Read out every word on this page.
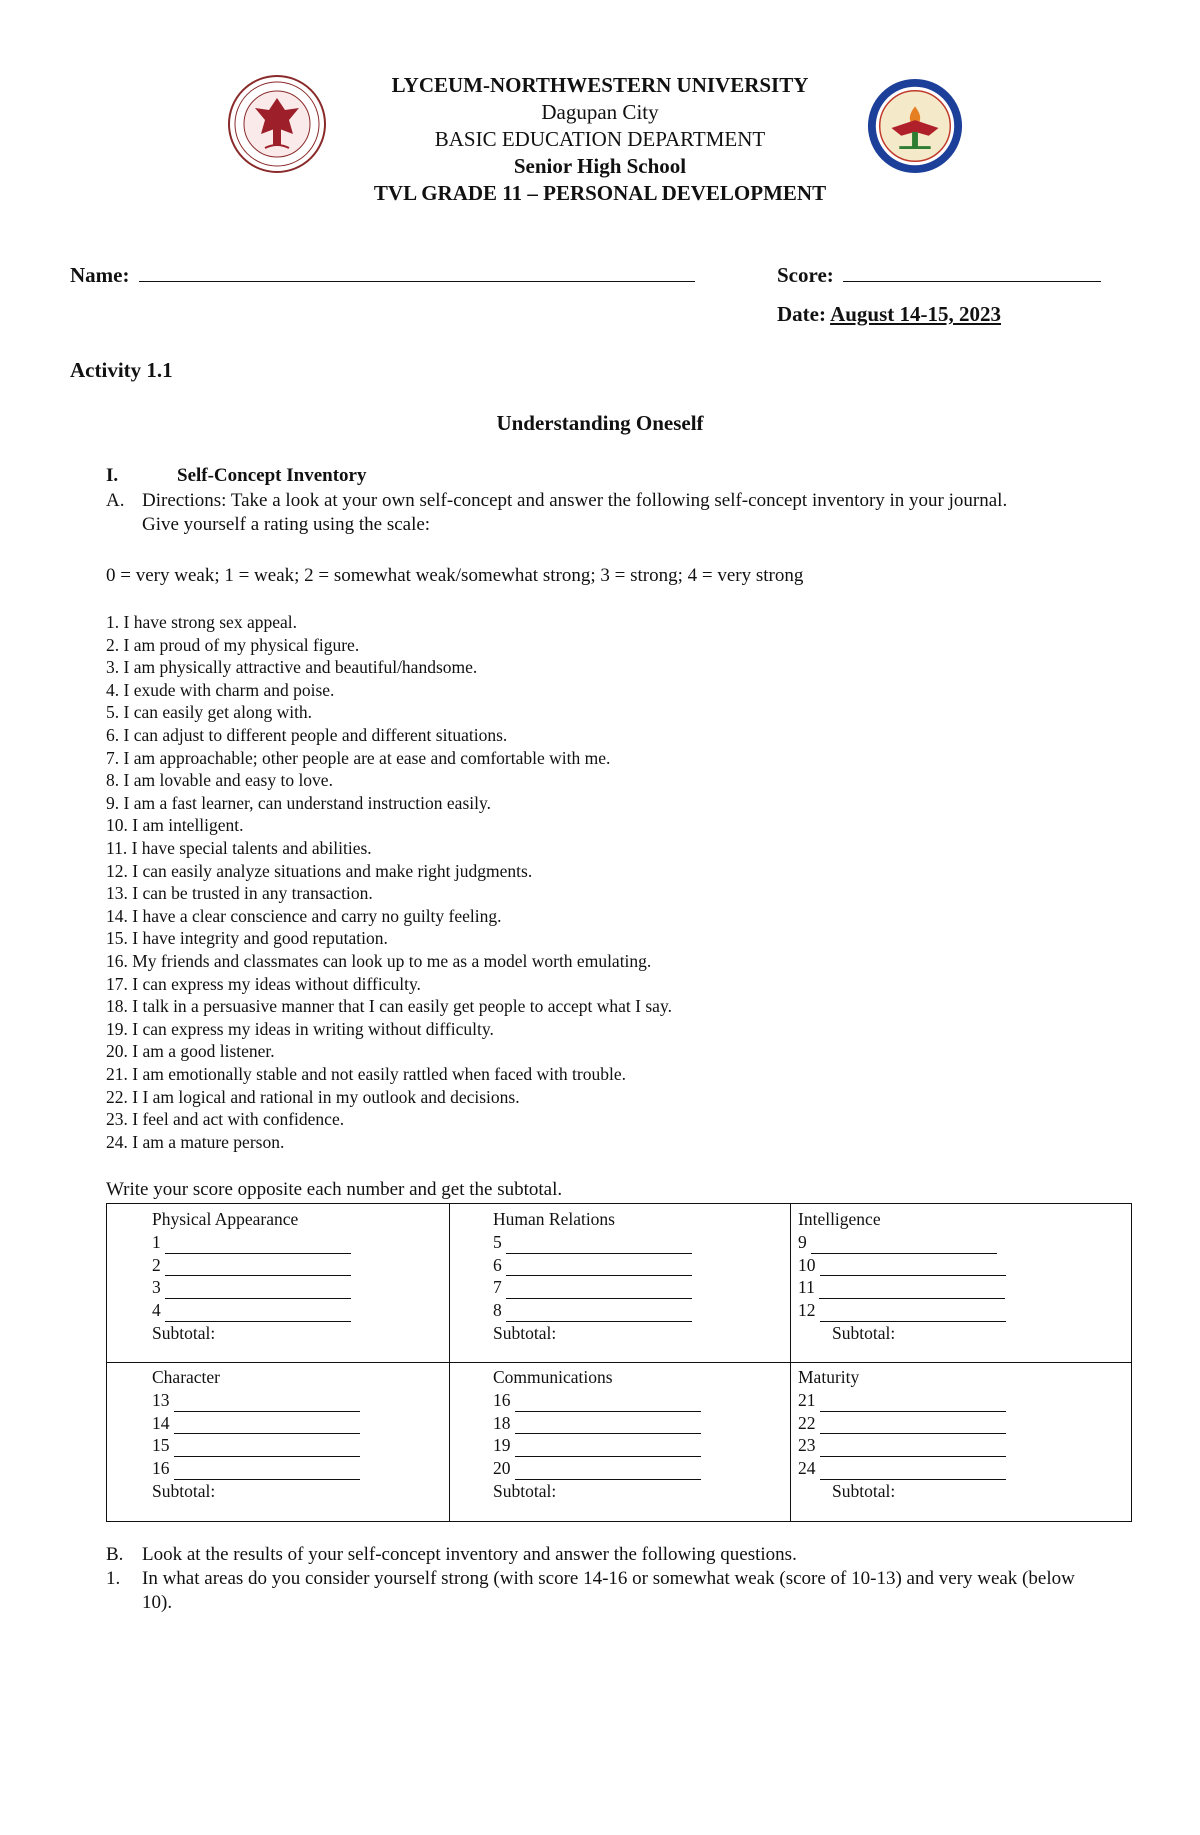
LYCEUM-NORTHWESTERN UNIVERSITY
Dagupan City
BASIC EDUCATION DEPARTMENT
Senior High School
TVL GRADE 11 – PERSONAL DEVELOPMENT
Name:	Score:
Date: August 14-15, 2023
Activity 1.1
Understanding Oneself
I.	Self-Concept Inventory
A. Directions: Take a look at your own self-concept and answer the following self-concept inventory in your journal.
Give yourself a rating using the scale:
0 = very weak; 1 = weak; 2 = somewhat weak/somewhat strong; 3 = strong; 4 = very strong
1. I have strong sex appeal.
2. I am proud of my physical figure.
3. I am physically attractive and beautiful/handsome.
4. I exude with charm and poise.
5. I can easily get along with.
6. I can adjust to different people and different situations.
7. I am approachable; other people are at ease and comfortable with me.
8. I am lovable and easy to love.
9. I am a fast learner, can understand instruction easily.
10. I am intelligent.
11. I have special talents and abilities.
12. I can easily analyze situations and make right judgments.
13. I can be trusted in any transaction.
14. I have a clear conscience and carry no guilty feeling.
15. I have integrity and good reputation.
16. My friends and classmates can look up to me as a model worth emulating.
17. I can express my ideas without difficulty.
18. I talk in a persuasive manner that I can easily get people to accept what I say.
19. I can express my ideas in writing without difficulty.
20. I am a good listener.
21. I am emotionally stable and not easily rattled when faced with trouble.
22. I I am logical and rational in my outlook and decisions.
23. I feel and act with confidence.
24. I am a mature person.
Write your score opposite each number and get the subtotal.
Physical Appearance
1
2
3
4
Subtotal:
Human Relations
5
6
7
8
Subtotal:
Intelligence
9
10
11
12
Subtotal:
Character
13
14
15
16
Subtotal:
Communications
16
18
19
20
Subtotal:
Maturity
21
22
23
24
Subtotal:
B. Look at the results of your self-concept inventory and answer the following questions.
1. In what areas do you consider yourself strong (with score 14-16 or somewhat weak (score of 10-13) and very weak (below
10).
